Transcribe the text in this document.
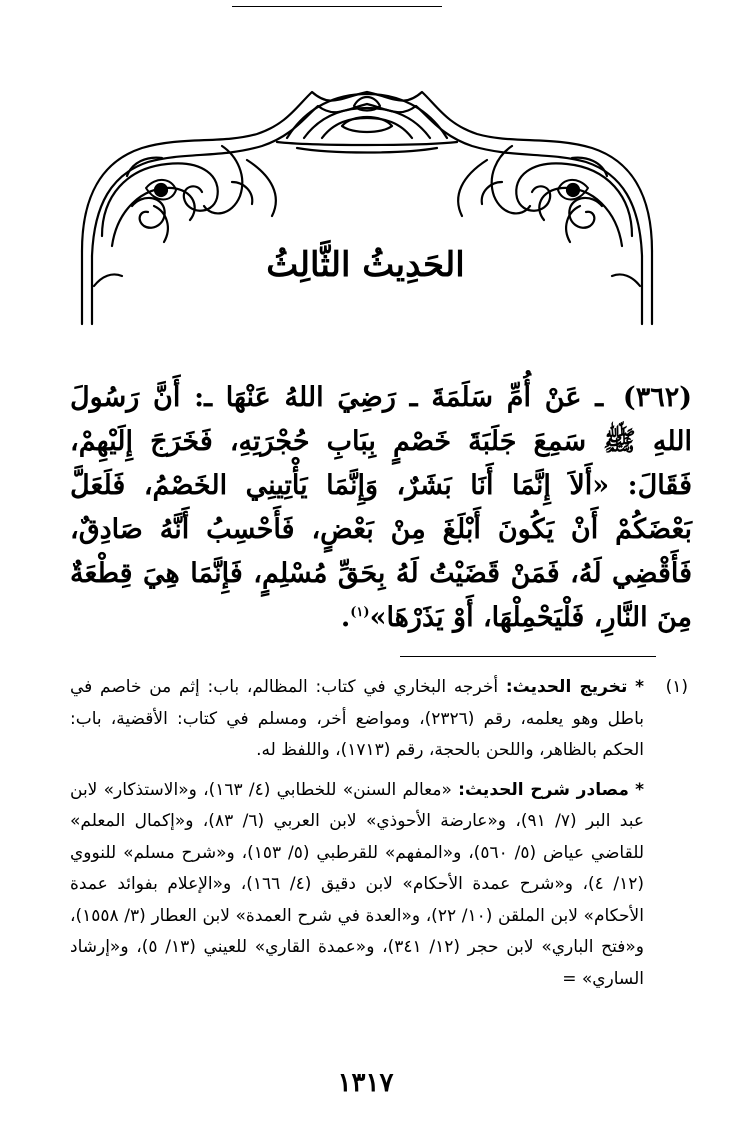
الحَدِيثُ الثَّالِثُ
(٣٦٢) ـ عَنْ أُمِّ سَلَمَةَ ـ رَضِيَ اللهُ عَنْهَا ـ: أَنَّ رَسُولَ اللهِ ﷺ سَمِعَ جَلَبَةَ خَصْمٍ بِبَابِ حُجْرَتِهِ، فَخَرَجَ إِلَيْهِمْ، فَقَالَ: «أَلاَ إِنَّمَا أَنَا بَشَرٌ، وَإِنَّمَا يَأْتِينِي الخَصْمُ، فَلَعَلَّ بَعْضَكُمْ أَنْ يَكُونَ أَبْلَغَ مِنْ بَعْضٍ، فَأَحْسِبُ أَنَّهُ صَادِقٌ، فَأَقْضِي لَهُ، فَمَنْ قَضَيْتُ لَهُ بِحَقِّ مُسْلِمٍ، فَإِنَّمَا هِيَ قِطْعَةٌ مِنَ النَّارِ، فَلْيَحْمِلْهَا، أَوْ يَذَرْهَا»$^{(١)}$.
(١)

* تخريج الحديث: أخرجه البخاري في كتاب: المظالم، باب: إثم من خاصم في باطل وهو يعلمه، رقم (٢٣٢٦)، ومواضع أخر، ومسلم في كتاب: الأقضية، باب: الحكم بالظاهر، واللحن بالحجة، رقم (١٧١٣)، واللفظ له.

* مصادر شرح الحديث: «معالم السنن» للخطابي (٤/ ١٦٣)، و«الاستذكار» لابن عبد البر (٧/ ٩١)، و«عارضة الأحوذي» لابن العربي (٦/ ٨٣)، و«إكمال المعلم» للقاضي عياض (٥/ ٥٦٠)، و«المفهم» للقرطبي (٥/ ١٥٣)، و«شرح مسلم» للنووي (١٢/ ٤)، و«شرح عمدة الأحكام» لابن دقيق (٤/ ١٦٦)، و«الإعلام بفوائد عمدة الأحكام» لابن الملقن (١٠/ ٢٢)، و«العدة في شرح العمدة» لابن العطار (٣/ ١٥٥٨)، و«فتح الباري» لابن حجر (١٢/ ٣٤١)، و«عمدة القاري» للعيني (١٣/ ٥)، و«إرشاد الساري» =

١٣١٧
